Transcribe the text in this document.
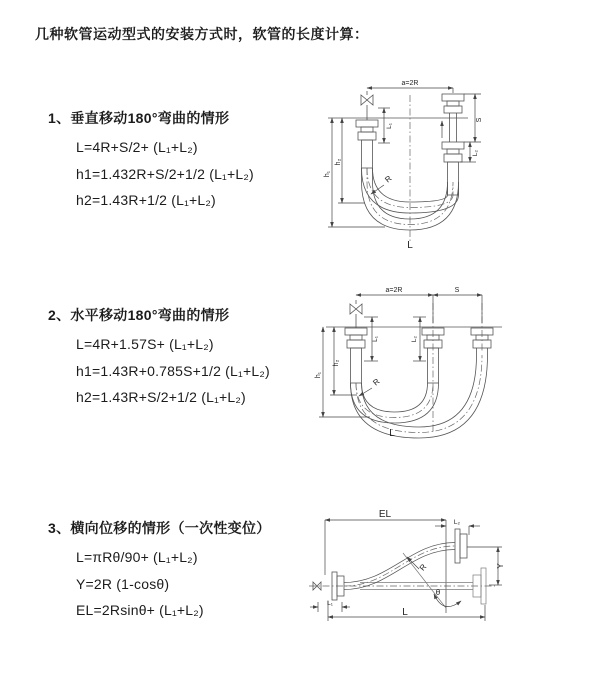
几种软管运动型式的安装方式时，软管的长度计算：
1、垂直移动180°弯曲的情形
L=4R+S/2+ (L₁+L₂)
h1=1.432R+S/2+1/2 (L₁+L₂)
h2=1.43R+1/2 (L₁+L₂)
2、水平移动180°弯曲的情形
L=4R+1.57S+ (L₁+L₂)
h1=1.43R+0.785S+1/2 (L₁+L₂)
h2=1.43R+S/2+1/2 (L₁+L₂)
3、横向位移的情形（一次性变位）
L=πRθ/90+ (L₁+L₂)
Y=2R (1-cosθ)
EL=2Rsinθ+ (L₁+L₂)
a=2R
S
L₂
L₁
h₁
h₂
R
L
a=2R	S
L₁	L₂
h₁
h₂
R
L
EL
L₂
Y
R
θ
L
L₁
